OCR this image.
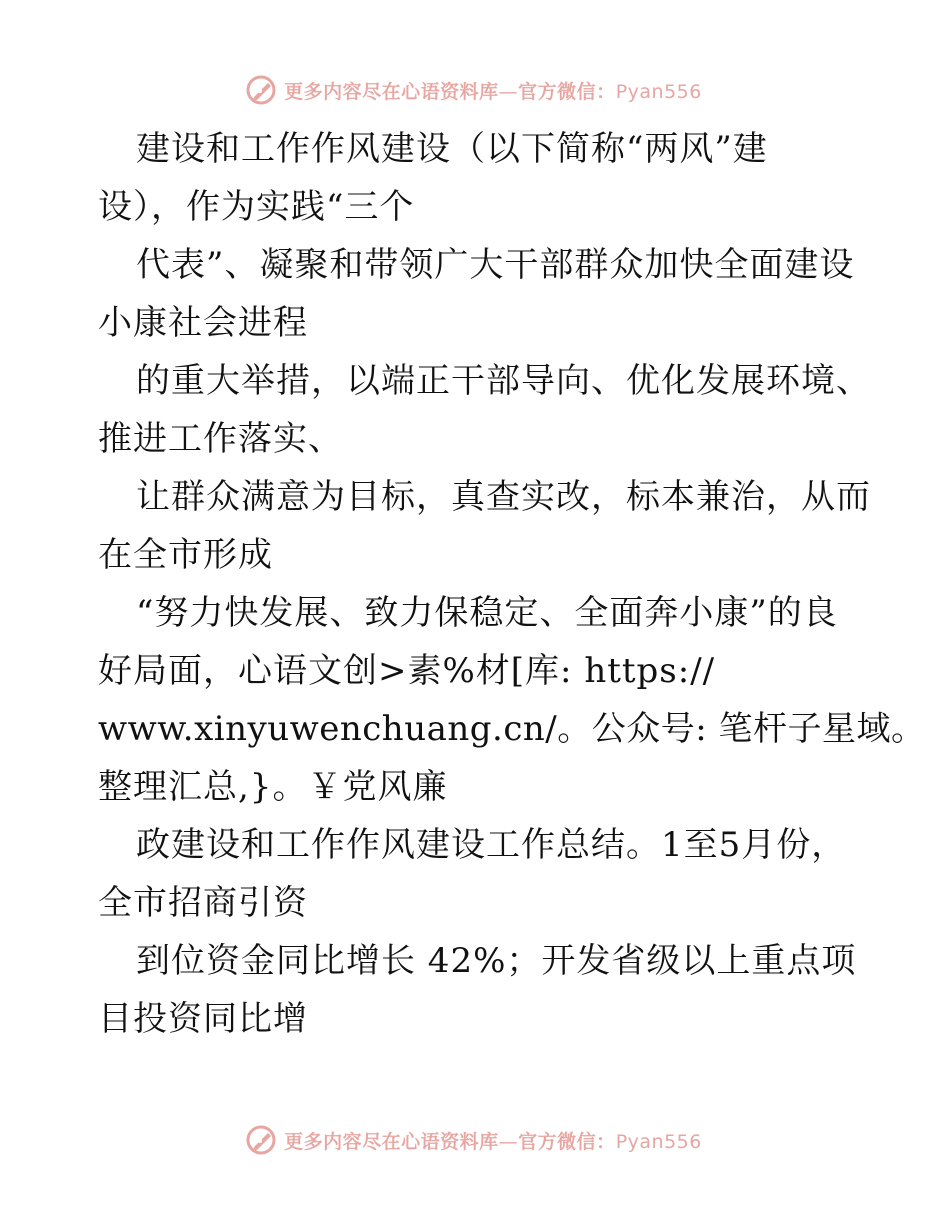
更多内容尽在心语资料库—官方微信：Pyan556
建设和工作作风建设（以下简称“两风”建
设），作为实践“三个
代表”、凝聚和带领广大干部群众加快全面建设
小康社会进程
的重大举措，以端正干部导向、优化发展环境、
推进工作落实、
让群众满意为目标，真查实改，标本兼治，从而
在全市形成
“努力快发展、致力保稳定、全面奔小康”的良
好局面，心语文创>素%材[库: https://
www.xinyuwenchuang.cn/。公众号: 笔杆子星域。
整理汇总,}。￥党风廉
政建设和工作作风建设工作总结。1至5月份，
全市招商引资
到位资金同比增长 42%；开发省级以上重点项
目投资同比增
更多内容尽在心语资料库—官方微信：Pyan556
